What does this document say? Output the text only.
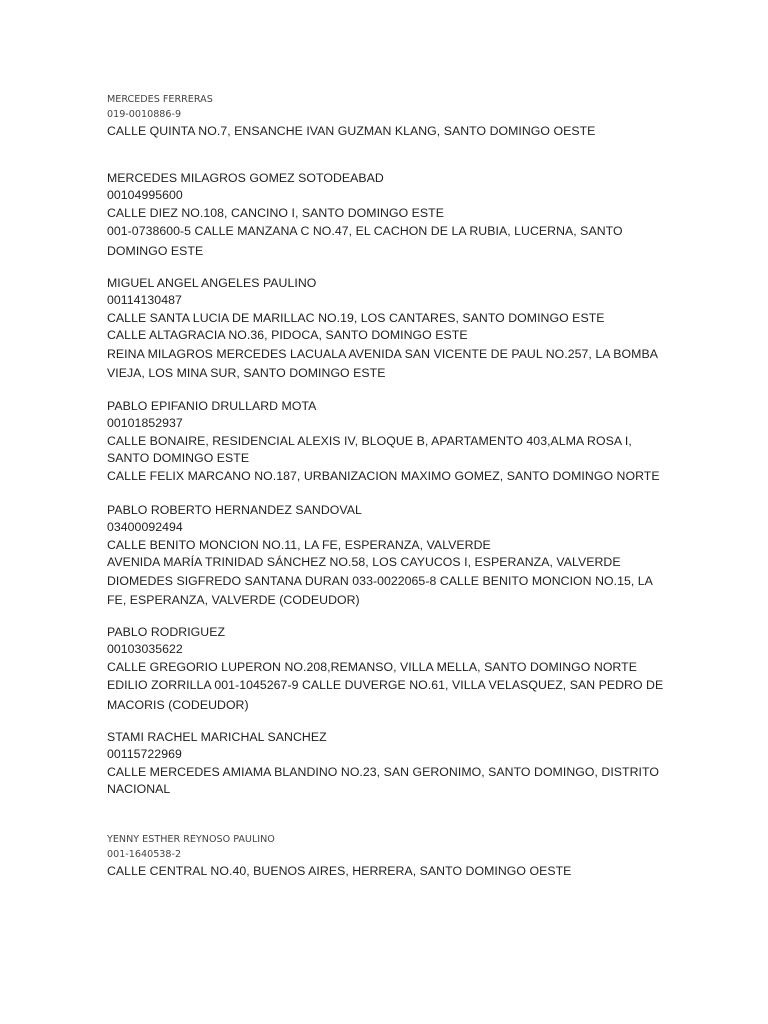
MERCEDES FERRERAS
019-0010886-9
CALLE QUINTA NO.7, ENSANCHE IVAN GUZMAN KLANG, SANTO DOMINGO OESTE
MERCEDES MILAGROS GOMEZ SOTODEABAD
00104995600
CALLE DIEZ NO.108, CANCINO I, SANTO DOMINGO ESTE
001-0738600-5 CALLE MANZANA C NO.47, EL CACHON DE LA RUBIA, LUCERNA, SANTO DOMINGO ESTE
MIGUEL ANGEL ANGELES PAULINO
00114130487
CALLE SANTA LUCIA DE MARILLAC NO.19, LOS CANTARES, SANTO DOMINGO ESTE
CALLE ALTAGRACIA NO.36, PIDOCA, SANTO DOMINGO ESTE
REINA MILAGROS MERCEDES LACUALA AVENIDA SAN VICENTE DE PAUL NO.257, LA BOMBA VIEJA, LOS MINA SUR, SANTO DOMINGO ESTE
PABLO EPIFANIO DRULLARD MOTA
00101852937
CALLE BONAIRE, RESIDENCIAL ALEXIS IV, BLOQUE B, APARTAMENTO 403,ALMA ROSA I, SANTO DOMINGO ESTE
CALLE FELIX MARCANO NO.187, URBANIZACION MAXIMO GOMEZ, SANTO DOMINGO NORTE
PABLO ROBERTO HERNANDEZ SANDOVAL
03400092494
CALLE BENITO MONCION NO.11, LA FE, ESPERANZA, VALVERDE
AVENIDA MARÍA TRINIDAD SÁNCHEZ NO.58, LOS CAYUCOS I, ESPERANZA, VALVERDE
DIOMEDES SIGFREDO SANTANA DURAN 033-0022065-8 CALLE BENITO MONCION NO.15, LA FE, ESPERANZA, VALVERDE (CODEUDOR)
PABLO RODRIGUEZ
00103035622
CALLE GREGORIO LUPERON NO.208,REMANSO, VILLA MELLA, SANTO DOMINGO NORTE
EDILIO ZORRILLA 001-1045267-9 CALLE DUVERGE NO.61, VILLA VELASQUEZ, SAN PEDRO DE MACORIS (CODEUDOR)
STAMI RACHEL MARICHAL SANCHEZ
00115722969
CALLE MERCEDES AMIAMA BLANDINO NO.23, SAN GERONIMO, SANTO DOMINGO, DISTRITO NACIONAL
YENNY ESTHER REYNOSO PAULINO
001-1640538-2
CALLE CENTRAL NO.40, BUENOS AIRES, HERRERA, SANTO DOMINGO OESTE
